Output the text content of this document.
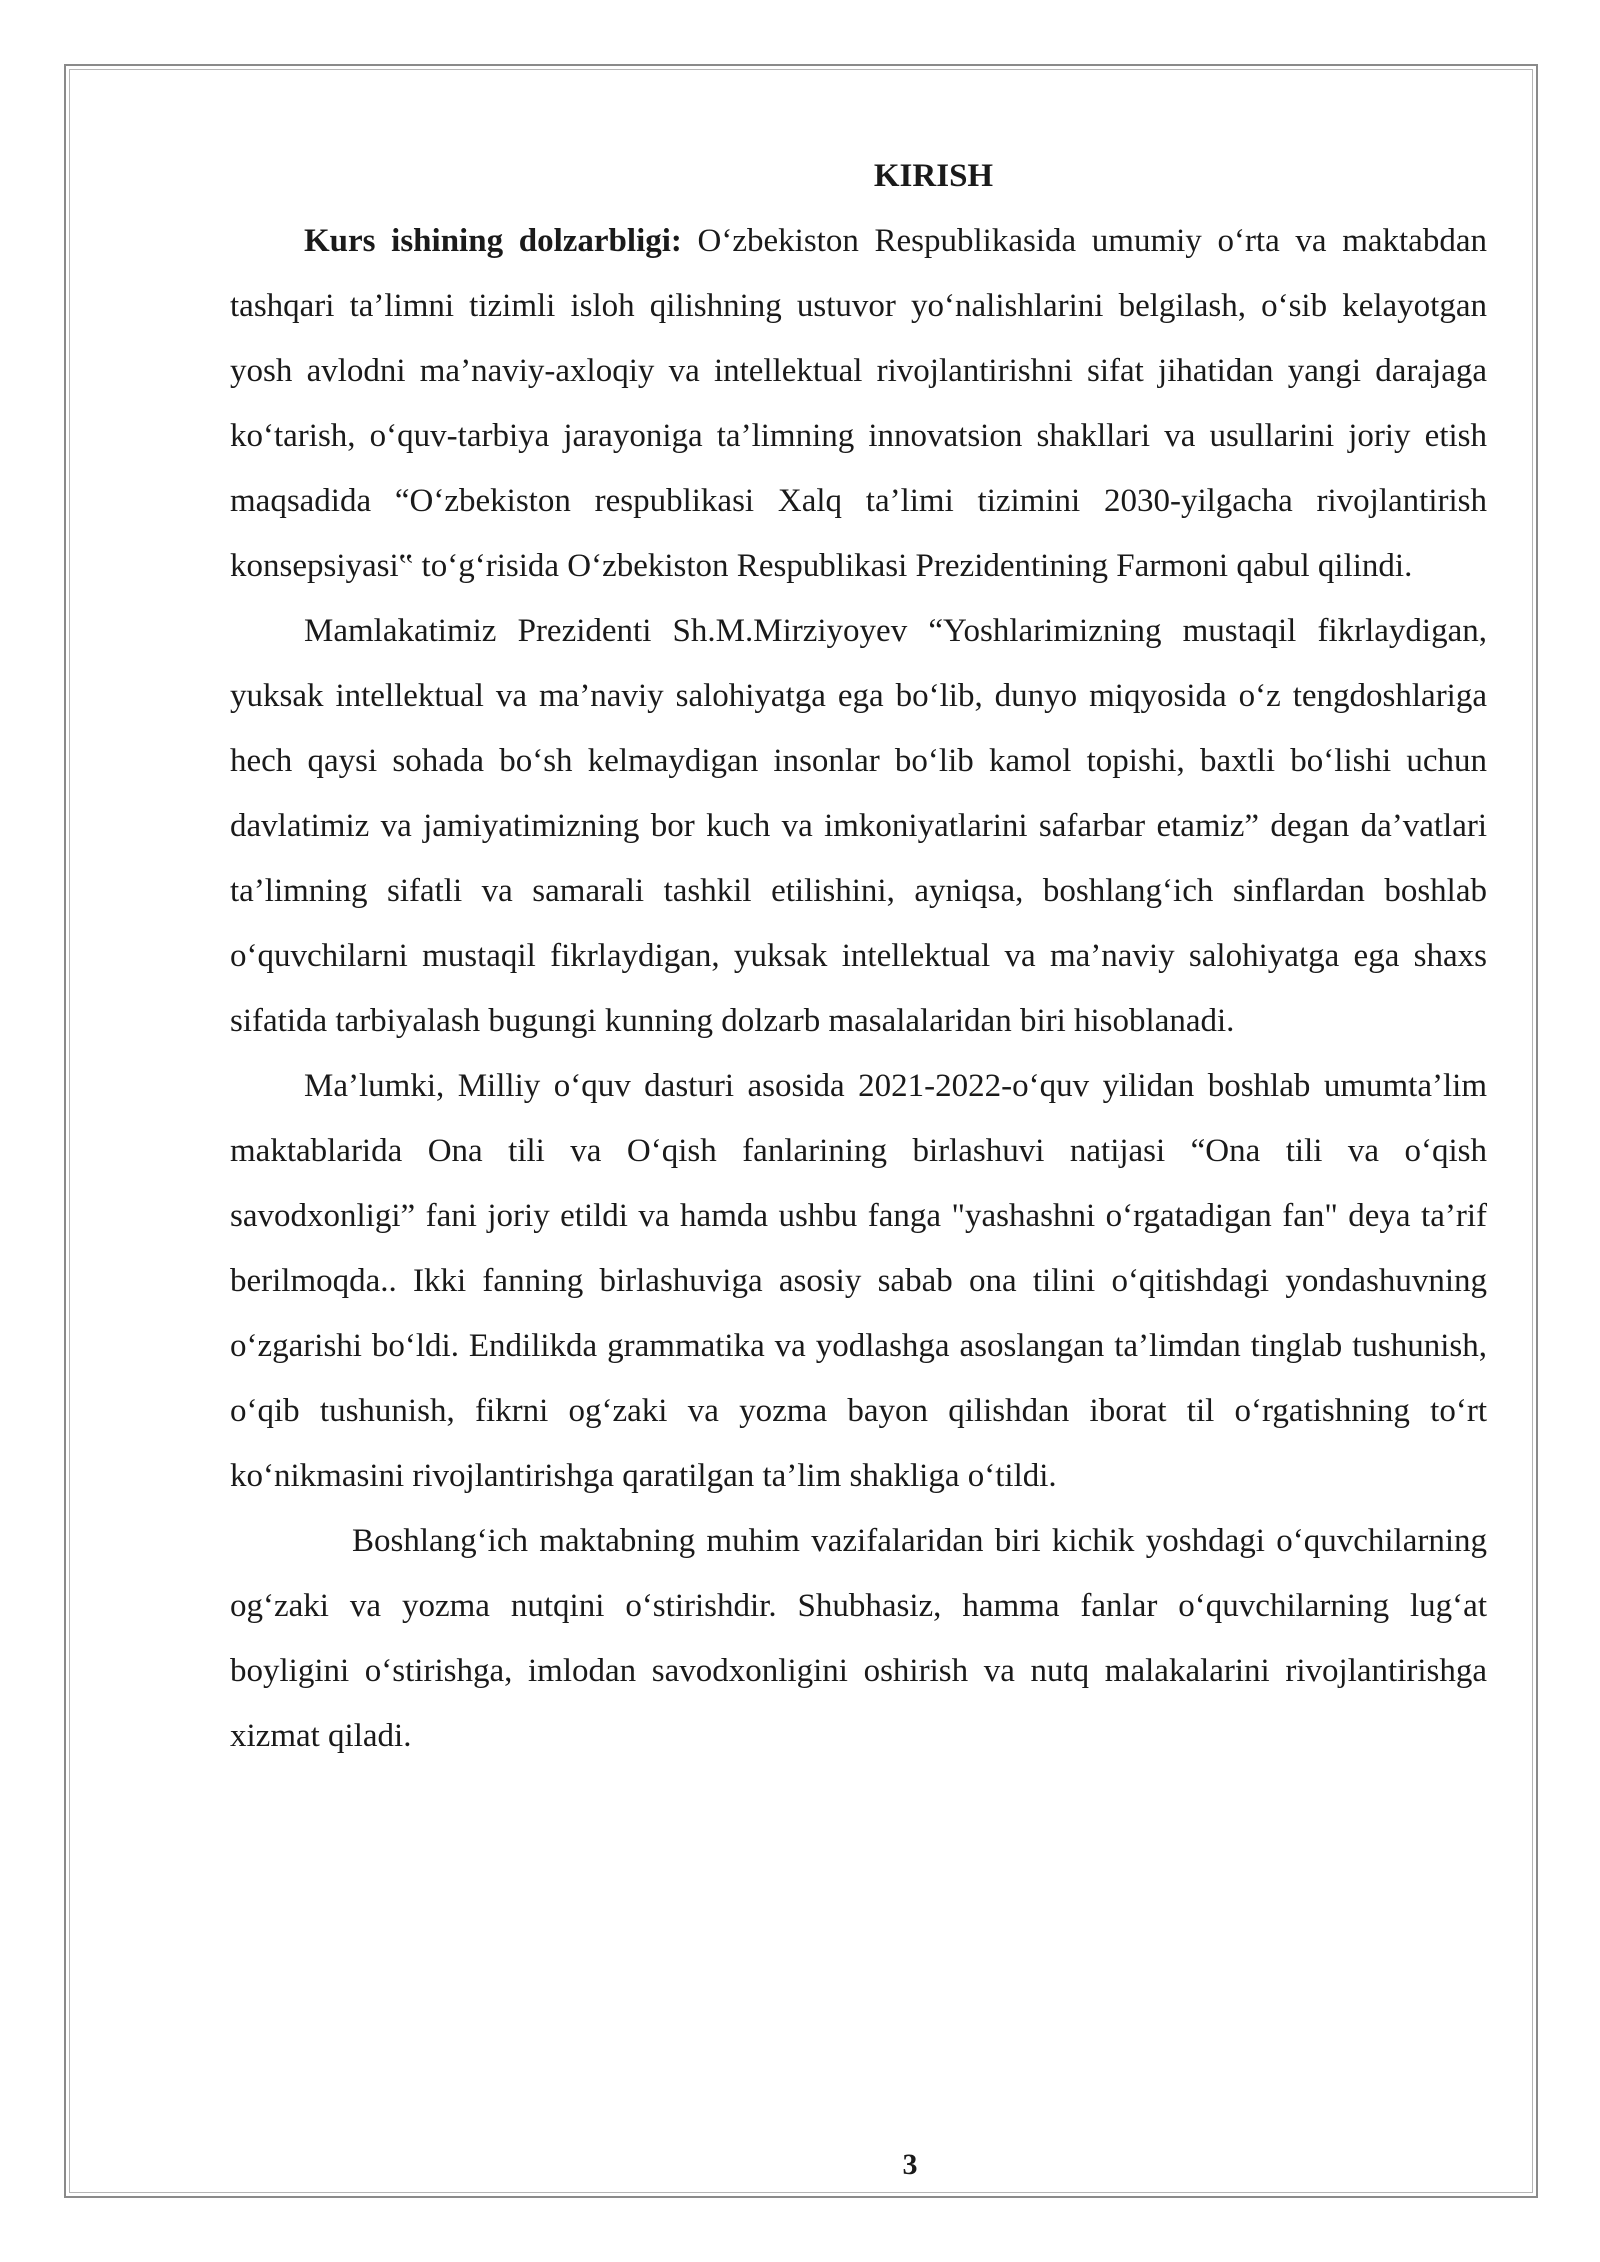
KIRISH

Kurs ishining dolzarbligi: O‘zbekiston Respublikasida umumiy o‘rta va maktabdan tashqari ta’limni tizimli isloh qilishning ustuvor yo‘nalishlarini belgilash, o‘sib kelayotgan yosh avlodni ma’naviy-axloqiy va intellektual rivojlantirishni sifat jihatidan yangi darajaga ko‘tarish, o‘quv-tarbiya jarayoniga ta’limning innovatsion shakllari va usullarini joriy etish maqsadida “O‘zbekiston respublikasi Xalq ta’limi tizimini 2030-yilgacha rivojlantirish konsepsiyasi‟ to‘g‘risida O‘zbekiston Respublikasi Prezidentining Farmoni qabul qilindi.

Mamlakatimiz Prezidenti Sh.M.Mirziyoyev “Yoshlarimizning mustaqil fikrlaydigan, yuksak intellektual va ma’naviy salohiyatga ega bo‘lib, dunyo miqyosida o‘z tengdoshlariga hech qaysi sohada bo‘sh kelmaydigan insonlar bo‘lib kamol topishi, baxtli bo‘lishi uchun davlatimiz va jamiyatimizning bor kuch va imkoniyatlarini safarbar etamiz” degan da’vatlari ta’limning sifatli va samarali tashkil etilishini, ayniqsa, boshlang‘ich sinflardan boshlab o‘quvchilarni mustaqil fikrlaydigan, yuksak intellektual va ma’naviy salohiyatga ega shaxs sifatida tarbiyalash bugungi kunning dolzarb masalalaridan biri hisoblanadi.

Ma’lumki, Milliy o‘quv dasturi asosida 2021-2022-o‘quv yilidan boshlab umumta’lim maktablarida Ona tili va O‘qish fanlarining birlashuvi natijasi “Ona tili va o‘qish savodxonligi” fani joriy etildi va hamda ushbu fanga "yashashni o‘rgatadigan fan" deya ta’rif berilmoqda.. Ikki fanning birlashuviga asosiy sabab ona tilini o‘qitishdagi yondashuvning o‘zgarishi bo‘ldi. Endilikda grammatika va yodlashga asoslangan ta’limdan tinglab tushunish, o‘qib tushunish, fikrni og‘zaki va yozma bayon qilishdan iborat til o‘rgatishning to‘rt ko‘nikmasini rivojlantirishga qaratilgan ta’lim shakliga o‘tildi.

Boshlang‘ich maktabning muhim vazifalaridan biri kichik yoshdagi o‘quvchilarning og‘zaki va yozma nutqini o‘stirishdir. Shubhasiz, hamma fanlar o‘quvchilarning lug‘at boyligini o‘stirishga, imlodan savodxonligini oshirish va nutq malakalarini rivojlantirishga xizmat qiladi.

3
